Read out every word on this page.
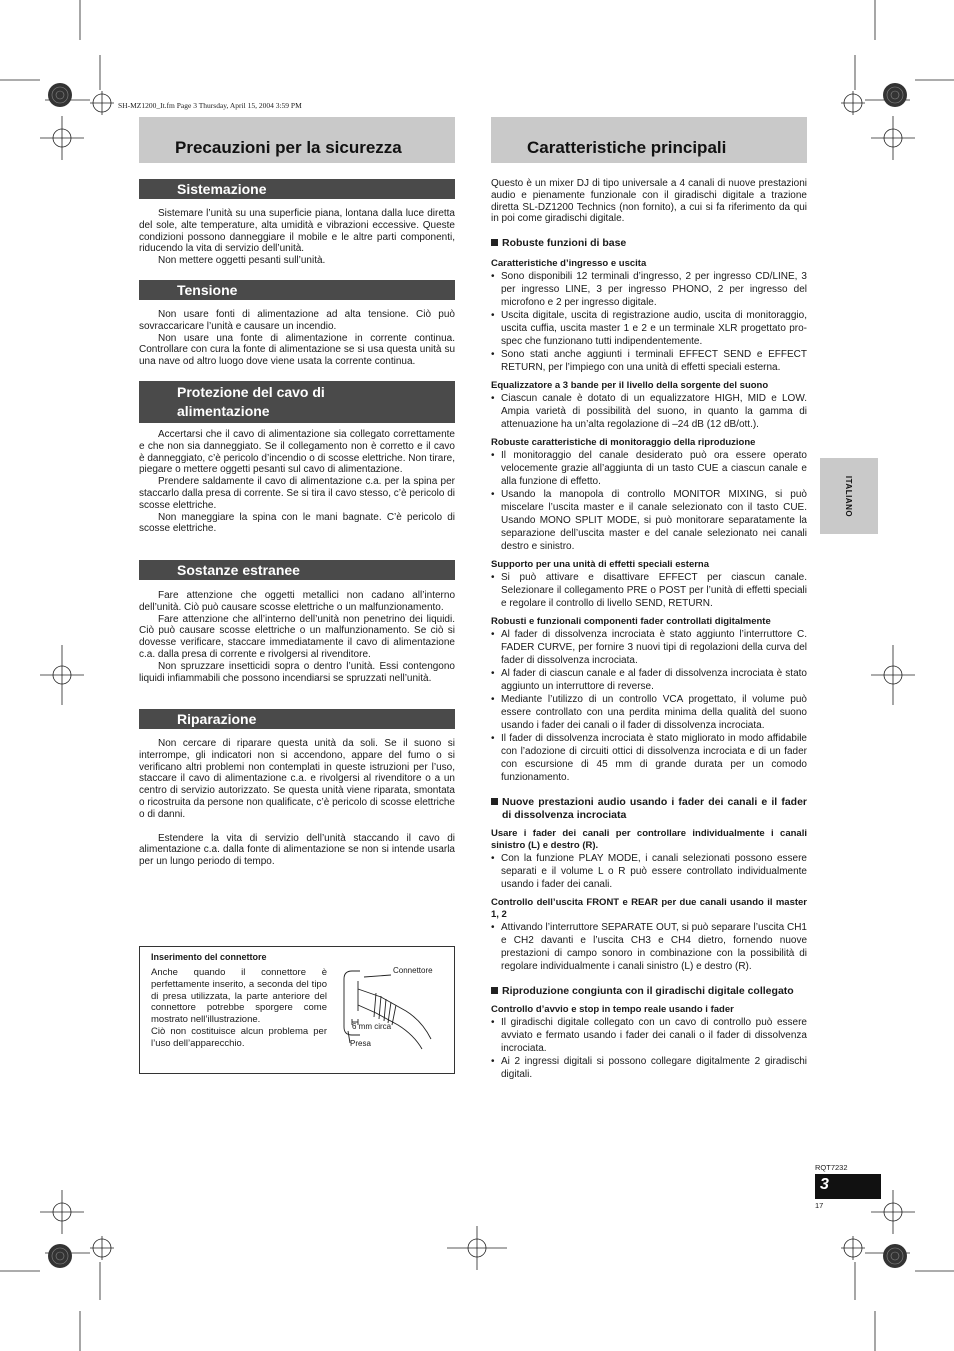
SH-MZ1200_It.fm Page 3 Thursday, April 15, 2004 3:59 PM
Precauzioni per la sicurezza
Sistemazione

Sistemare l’unità su una superficie piana, lontana dalla luce diretta del sole, alte temperature, alta umidità e vibrazioni eccessive. Queste condizioni possono danneggiare il mobile e le altre parti componenti, riducendo la vita di servizio dell’unità.

Non mettere oggetti pesanti sull’unità.

Tensione

Non usare fonti di alimentazione ad alta tensione. Ciò può sovraccaricare l’unità e causare un incendio.

Non usare una fonte di alimentazione in corrente continua. Controllare con cura la fonte di alimentazione se si usa questa unità su una nave od altro luogo dove viene usata la corrente continua.

Protezione del cavo di alimentazione

Accertarsi che il cavo di alimentazione sia collegato correttamente e che non sia danneggiato. Se il collegamento non è corretto e il cavo è danneggiato, c’è pericolo d’incendio o di scosse elettriche. Non tirare, piegare o mettere oggetti pesanti sul cavo di alimentazione.

Prendere saldamente il cavo di alimentazione c.a. per la spina per staccarlo dalla presa di corrente. Se si tira il cavo stesso, c’è pericolo di scosse elettriche.

Non maneggiare la spina con le mani bagnate. C’è pericolo di scosse elettriche.

Sostanze estranee

Fare attenzione che oggetti metallici non cadano all’interno dell’unità. Ciò può causare scosse elettriche o un malfunzionamento.

Fare attenzione che all’interno dell’unità non penetrino dei liquidi. Ciò può causare scosse elettriche o un malfunzionamento. Se ciò si dovesse verificare, staccare immediatamente il cavo di alimentazione c.a. dalla presa di corrente e rivolgersi al rivenditore.

Non spruzzare insetticidi sopra o dentro l’unità. Essi contengono liquidi infiammabili che possono incendiarsi se spruzzati nell’unità.

Riparazione

Non cercare di riparare questa unità da soli. Se il suono si interrompe, gli indicatori non si accendono, appare del fumo o si verificano altri problemi non contemplati in queste istruzioni per l’uso, staccare il cavo di alimentazione c.a. e rivolgersi al rivenditore o a un centro di servizio autorizzato. Se questa unità viene riparata, smontata o ricostruita da persone non qualificate, c’è pericolo di scosse elettriche o di danni.

Estendere la vita di servizio dell’unità staccando il cavo di alimentazione c.a. dalla fonte di alimentazione se non si intende usarla per un lungo periodo di tempo.

Inserimento del connettore

Anche quando il connettore è perfettamente inserito, a seconda del tipo di presa utilizzata, la parte anteriore del connettore potrebbe sporgere come mostrato nell’illustrazione.

Ciò non costituisce alcun problema per l’uso dell’apparecchio.

Connettore
6 mm circa
Presa
Caratteristiche principali

Questo è un mixer DJ di tipo universale a 4 canali di nuove prestazioni audio e pienamente funzionale con il giradischi digitale a trazione diretta SL-DZ1200 Technics (non fornito), a cui si fa riferimento da qui in poi come giradischi digitale.

Robuste funzioni di base

Caratteristiche d’ingresso e uscita

• Sono disponibili 12 terminali d’ingresso, 2 per ingresso CD/LINE, 3 per ingresso LINE, 3 per ingresso PHONO, 2 per ingresso del microfono e 2 per ingresso digitale.
• Uscita digitale, uscita di registrazione audio, uscita di monitoraggio, uscita cuffia, uscita master 1 e 2 e un terminale XLR progettato pro-spec che funzionano tutti indipendentemente.
• Sono stati anche aggiunti i terminali EFFECT SEND e EFFECT RETURN, per l’impiego con una unità di effetti speciali esterna.

Equalizzatore a 3 bande per il livello della sorgente del suono

• Ciascun canale è dotato di un equalizzatore HIGH, MID e LOW. Ampia varietà di possibilità del suono, in quanto la gamma di attenuazione ha un’alta regolazione di –24 dB (12 dB/ott.).

Robuste caratteristiche di monitoraggio della riproduzione

• Il monitoraggio del canale desiderato può ora essere operato velocemente grazie all’aggiunta di un tasto CUE a ciascun canale e alla funzione di effetto.
• Usando la manopola di controllo MONITOR MIXING, si può miscelare l’uscita master e il canale selezionato con il tasto CUE. Usando MONO SPLIT MODE, si può monitorare separatamente la separazione dell’uscita master e del canale selezionato nei canali destro e sinistro.

Supporto per una unità di effetti speciali esterna

• Si può attivare e disattivare EFFECT per ciascun canale. Selezionare il collegamento PRE o POST per l’unità di effetti speciali e regolare il controllo di livello SEND, RETURN.

Robusti e funzionali componenti fader controllati digitalmente

• Al fader di dissolvenza incrociata è stato aggiunto l’interruttore C. FADER CURVE, per fornire 3 nuovi tipi di regolazioni della curva del fader di dissolvenza incrociata.
• Al fader di ciascun canale e al fader di dissolvenza incrociata è stato aggiunto un interruttore di reverse.
• Mediante l’utilizzo di un controllo VCA progettato, il volume può essere controllato con una perdita minima della qualità del suono usando i fader dei canali o il fader di dissolvenza incrociata.
• Il fader di dissolvenza incrociata è stato migliorato in modo affidabile con l’adozione di circuiti ottici di dissolvenza incrociata e di un fader con escursione di 45 mm di grande durata per un comodo funzionamento.

Nuove prestazioni audio usando i fader dei canali e il fader di dissolvenza incrociata

Usare i fader dei canali per controllare individualmente i canali sinistro (L) e destro (R).

• Con la funzione PLAY MODE, i canali selezionati possono essere separati e il volume L o R può essere controllato individualmente usando i fader dei canali.

Controllo dell’uscita FRONT e REAR per due canali usando il master 1, 2

• Attivando l’interruttore SEPARATE OUT, si può separare l’uscita CH1 e CH2 davanti e l’uscita CH3 e CH4 dietro, fornendo nuove prestazioni di campo sonoro in combinazione con la possibilità di regolare individualmente i canali sinistro (L) e destro (R).

Riproduzione congiunta con il giradischi digitale collegato

Controllo d’avvio e stop in tempo reale usando i fader

• Il giradischi digitale collegato con un cavo di controllo può essere avviato e fermato usando i fader dei canali o il fader di dissolvenza incrociata.
• Ai 2 ingressi digitali si possono collegare digitalmente 2 giradischi digitali.
ITALIANO
RQT7232
3
17
